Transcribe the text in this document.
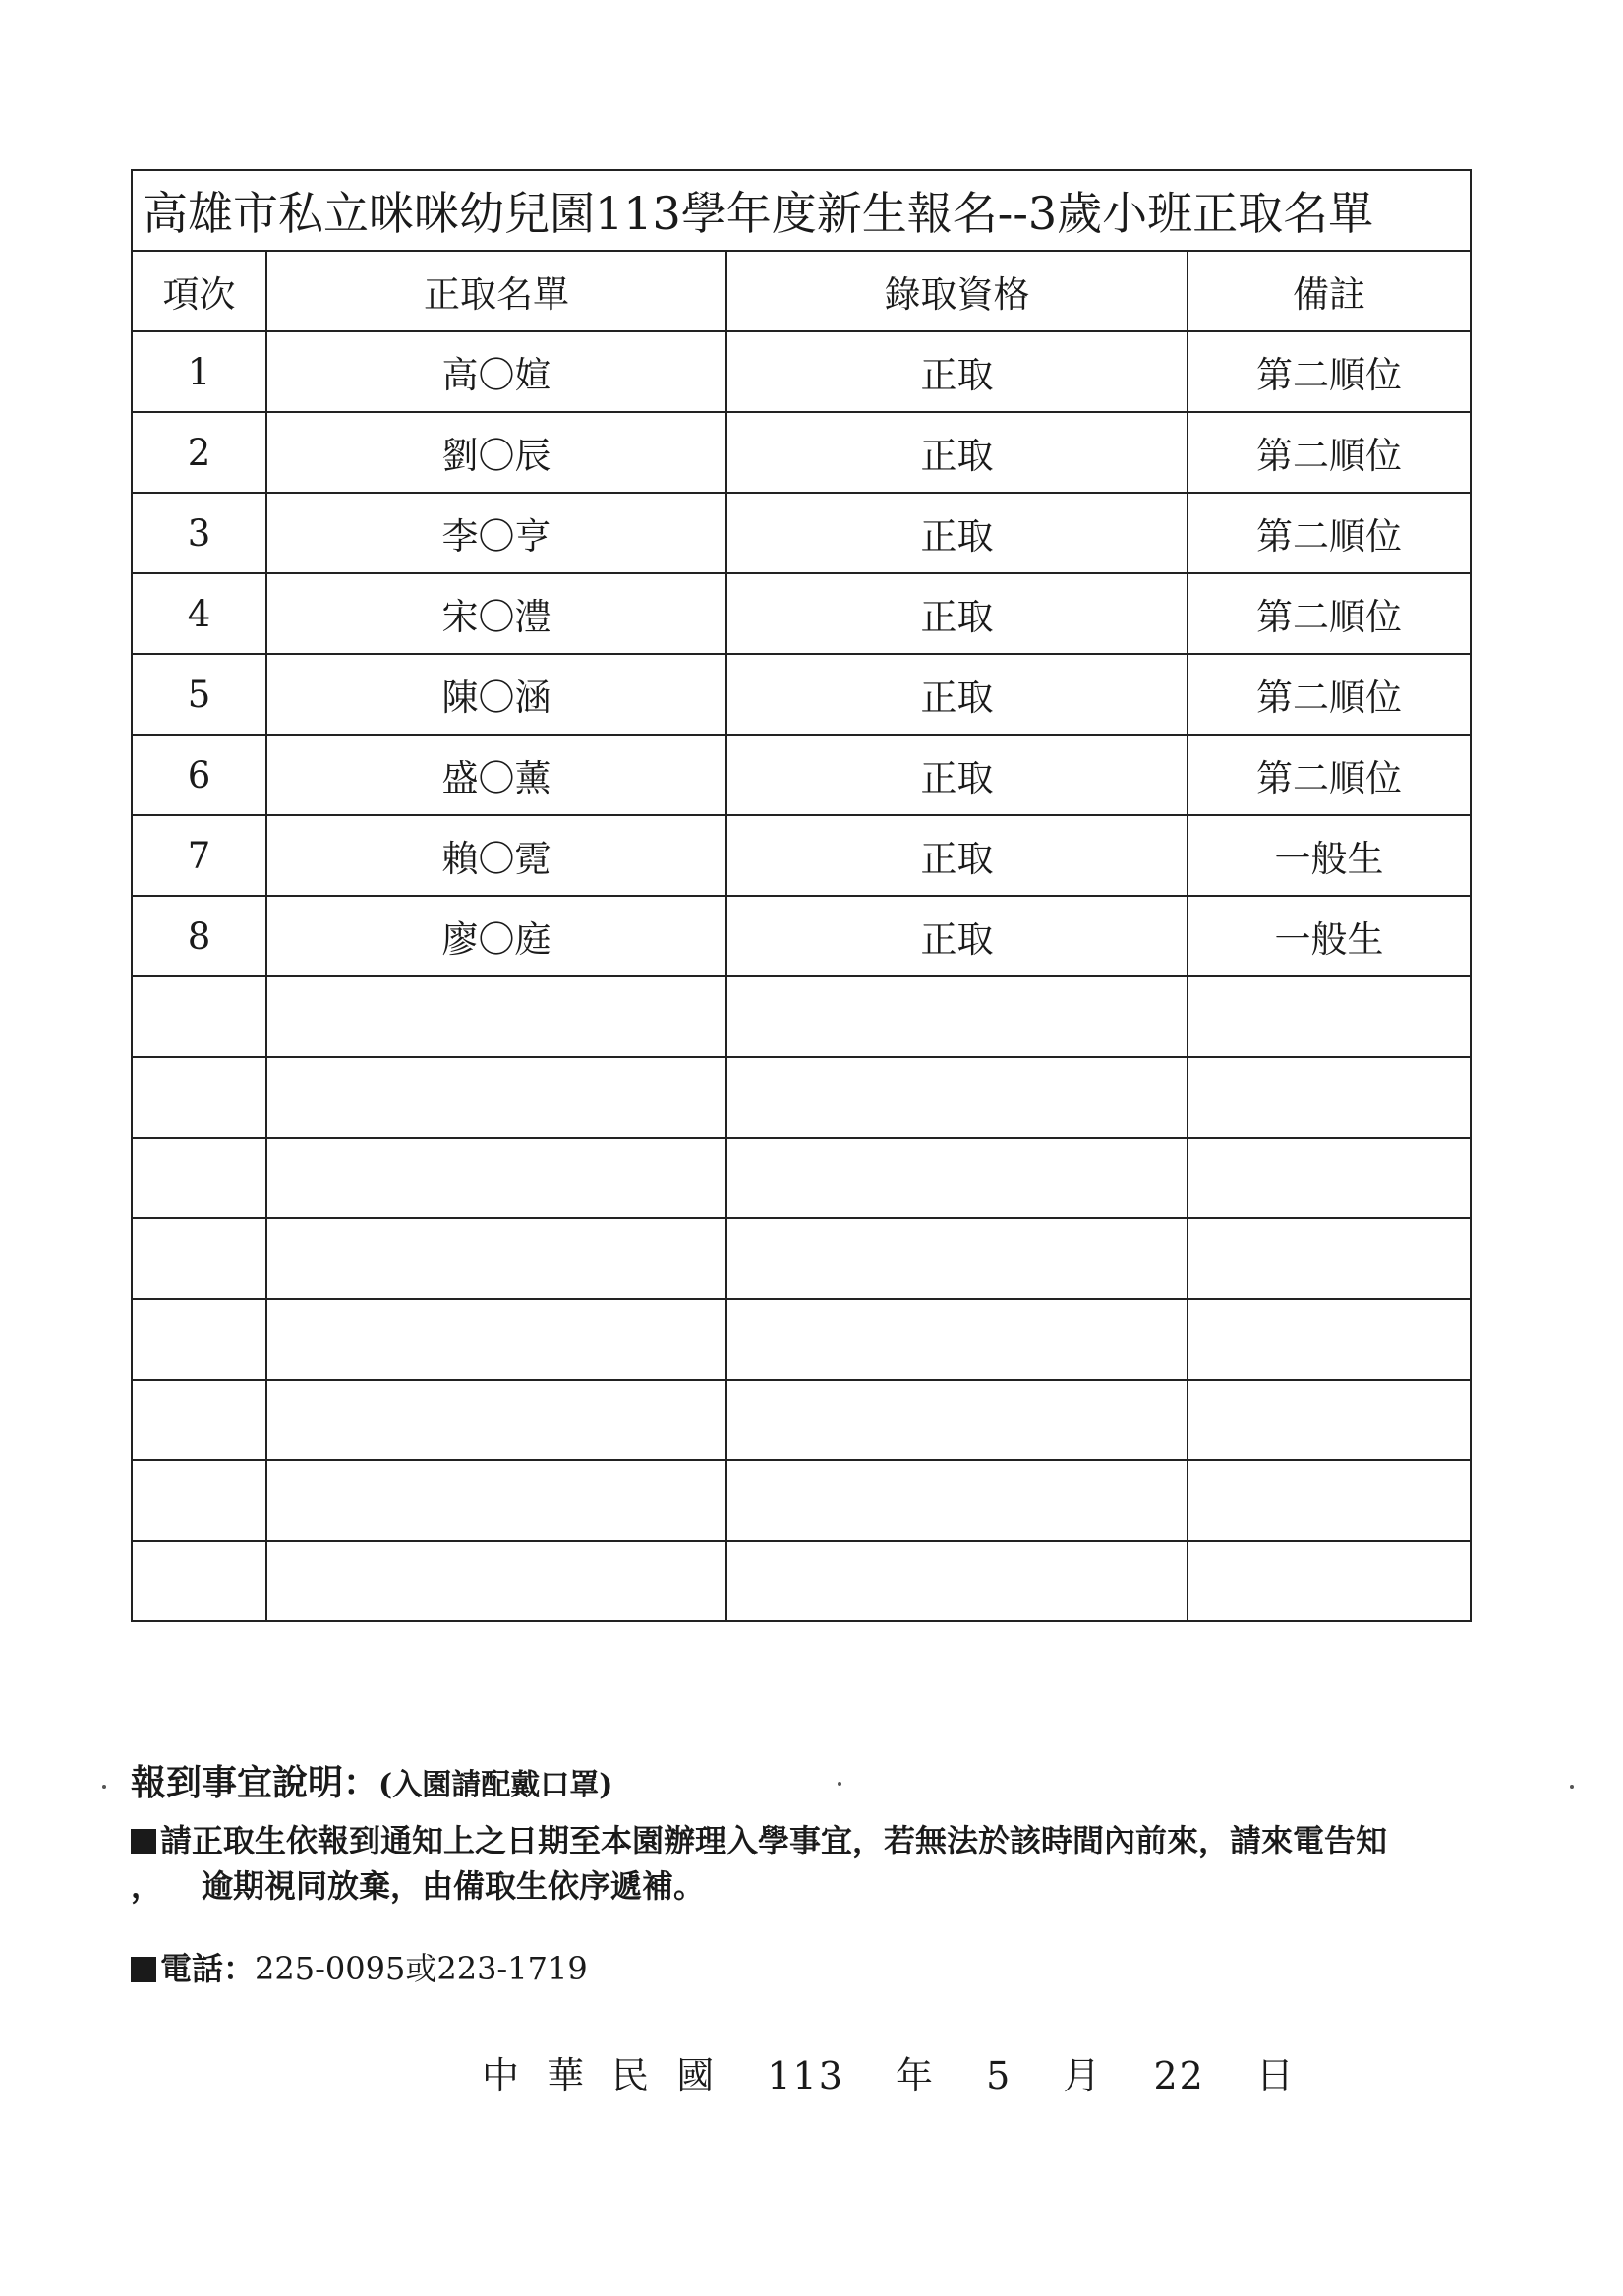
高雄市私立咪咪幼兒園113學年度新生報名--3歲小班正取名單			
項次	正取名單	錄取資格	備註
1	高〇媗	正取	第二順位
2	劉〇辰	正取	第二順位
3	李〇亨	正取	第二順位
4	宋〇澧	正取	第二順位
5	陳〇涵	正取	第二順位
6	盛〇薰	正取	第二順位
7	賴〇霓	正取	一般生
8	廖〇庭	正取	一般生

報到事宜說明：(入園請配戴口罩)
請正取生依報到通知上之日期至本園辦理入學事宜，若無法於該時間內前來，請來電告知
， 逾期視同放棄，由備取生依序遞補。
電話：225-0095或223-1719
中 華 民 國 113 年 5 月 22 日
